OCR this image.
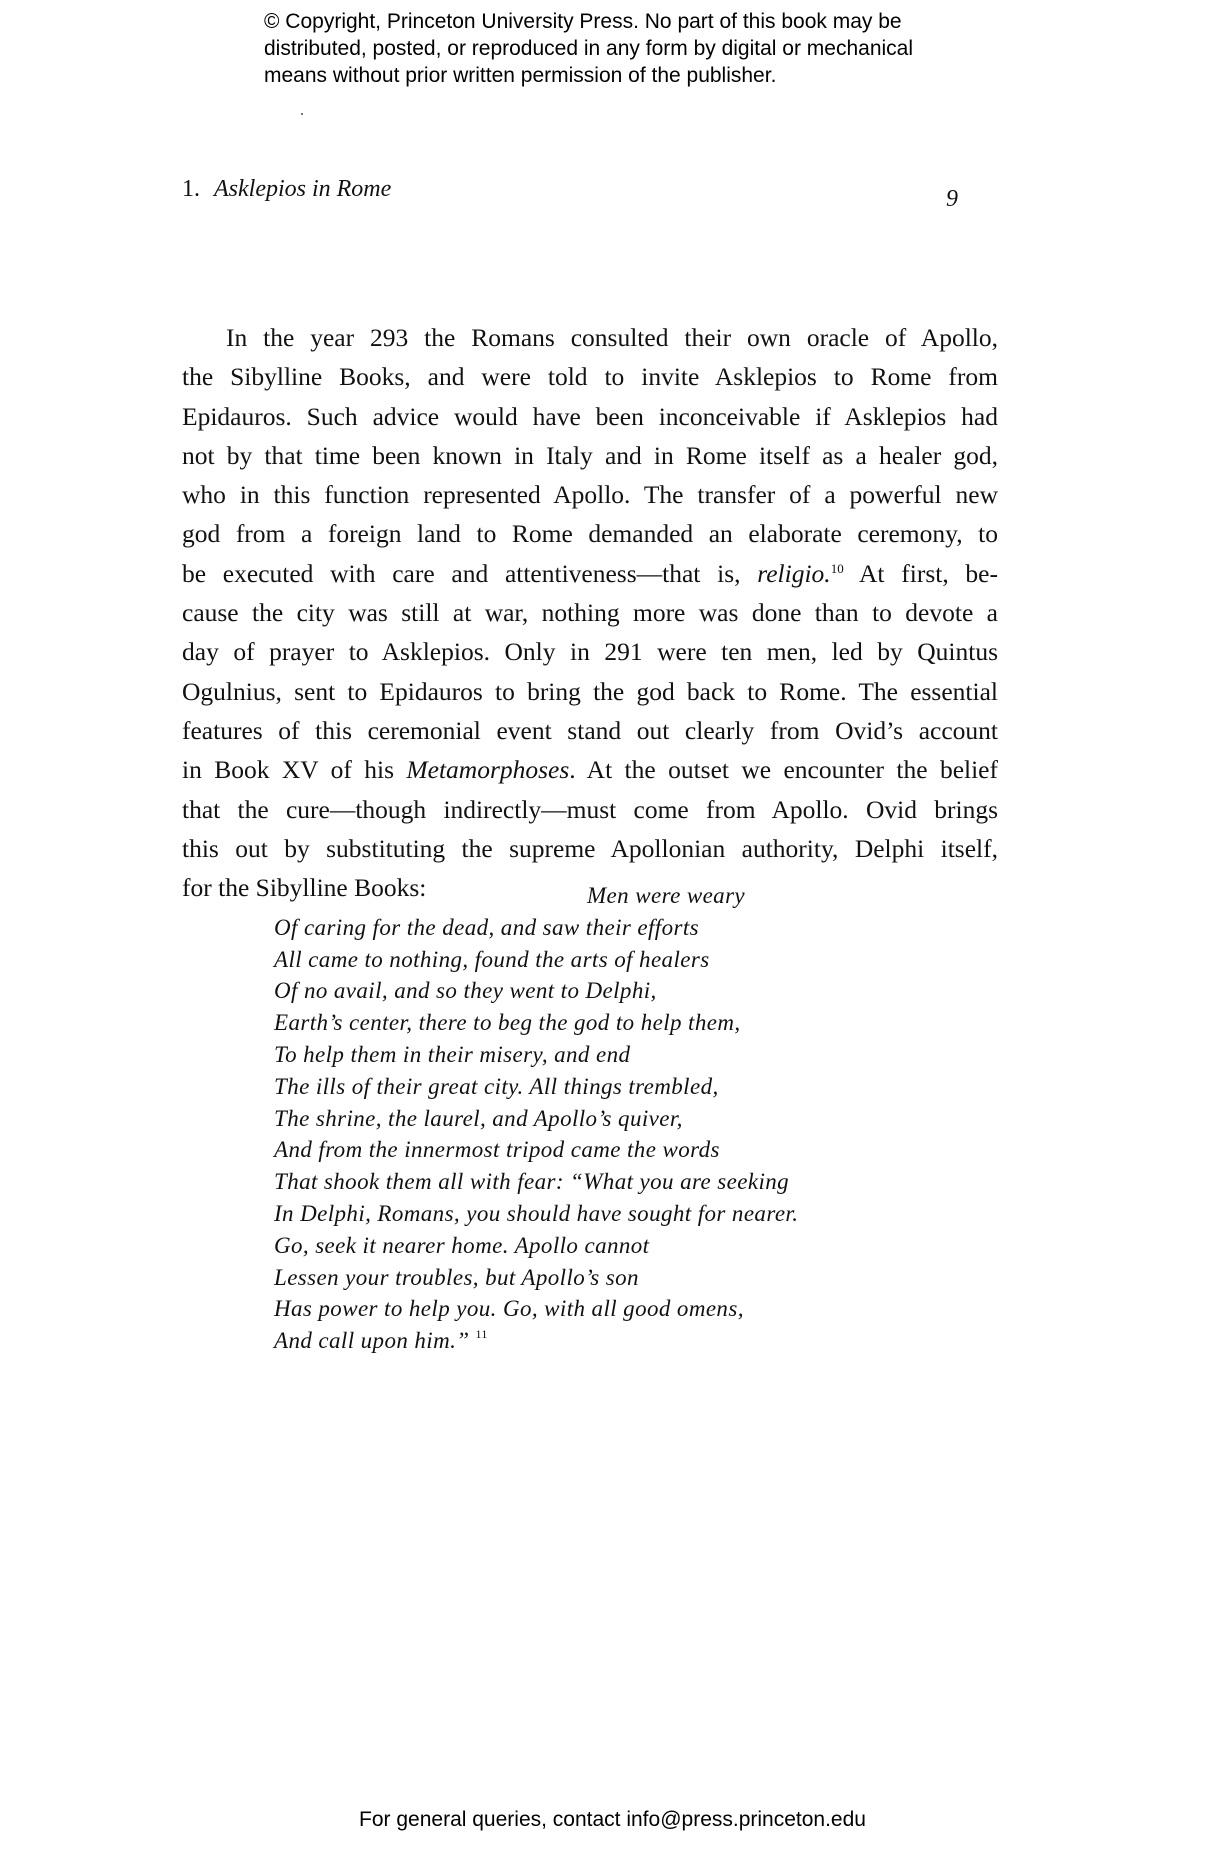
© Copyright, Princeton University Press. No part of this book may be
distributed, posted, or reproduced in any form by digital or mechanical
means without prior written permission of the publisher.
1. Asklepios in Rome	9
In the year 293 the Romans consulted their own oracle of Apollo,
the Sibylline Books, and were told to invite Asklepios to Rome from
Epidauros. Such advice would have been inconceivable if Asklepios had
not by that time been known in Italy and in Rome itself as a healer god,
who in this function represented Apollo. The transfer of a powerful new
god from a foreign land to Rome demanded an elaborate ceremony, to
be executed with care and attentiveness—that is, religio.$^{10}$ At first, be-
cause the city was still at war, nothing more was done than to devote a
day of prayer to Asklepios. Only in 291 were ten men, led by Quintus
Ogulnius, sent to Epidauros to bring the god back to Rome. The essential
features of this ceremonial event stand out clearly from Ovid’s account
in Book XV of his Metamorphoses. At the outset we encounter the belief
that the cure—though indirectly—must come from Apollo. Ovid brings
this out by substituting the supreme Apollonian authority, Delphi itself,
for the Sibylline Books:	Men were weary
Of caring for the dead, and saw their efforts
All came to nothing, found the arts of healers
Of no avail, and so they went to Delphi,
Earth’s center, there to beg the god to help them,
To help them in their misery, and end
The ills of their great city. All things trembled,
The shrine, the laurel, and Apollo’s quiver,
And from the innermost tripod came the words
That shook them all with fear: “What you are seeking
In Delphi, Romans, you should have sought for nearer.
Go, seek it nearer home. Apollo cannot
Lessen your troubles, but Apollo’s son
Has power to help you. Go, with all good omens,
And call upon him.” $^{11}$
For general queries, contact info@press.princeton.edu
